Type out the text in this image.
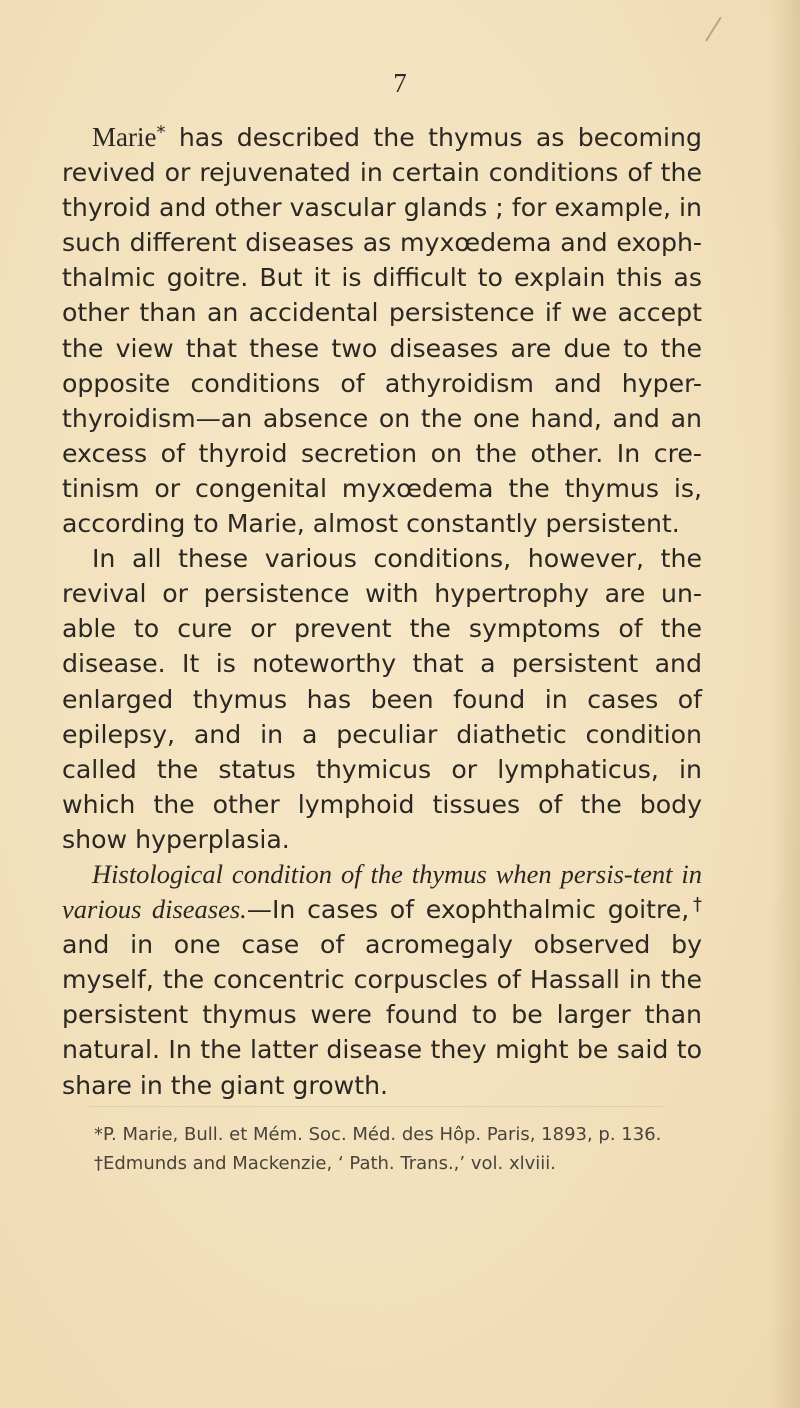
7

Marie* has described the thymus as becoming revived or rejuvenated in certain conditions of the thyroid and other vascular glands ; for example, in such different diseases as myxœdema and exoph-thalmic goitre. But it is difficult to explain this as other than an accidental persistence if we accept the view that these two diseases are due to the opposite conditions of athyroidism and hyper-thyroidism—an absence on the one hand, and an excess of thyroid secretion on the other. In cre-tinism or congenital myxœdema the thymus is, according to Marie, almost constantly persistent.

In all these various conditions, however, the revival or persistence with hypertrophy are un-able to cure or prevent the symptoms of the disease. It is noteworthy that a persistent and enlarged thymus has been found in cases of epilepsy, and in a peculiar diathetic condition called the status thymicus or lymphaticus, in which the other lymphoid tissues of the body show hyperplasia.

Histological condition of the thymus when persis-tent in various diseases.—In cases of exophthalmic goitre,† and in one case of acromegaly observed by myself, the concentric corpuscles of Hassall in the persistent thymus were found to be larger than natural. In the latter disease they might be said to share in the giant growth.

*P. Marie, Bull. et Mém. Soc. Méd. des Hôp. Paris, 1893, p. 136.

†Edmunds and Mackenzie, ‘ Path. Trans.,’ vol. xlviii.
